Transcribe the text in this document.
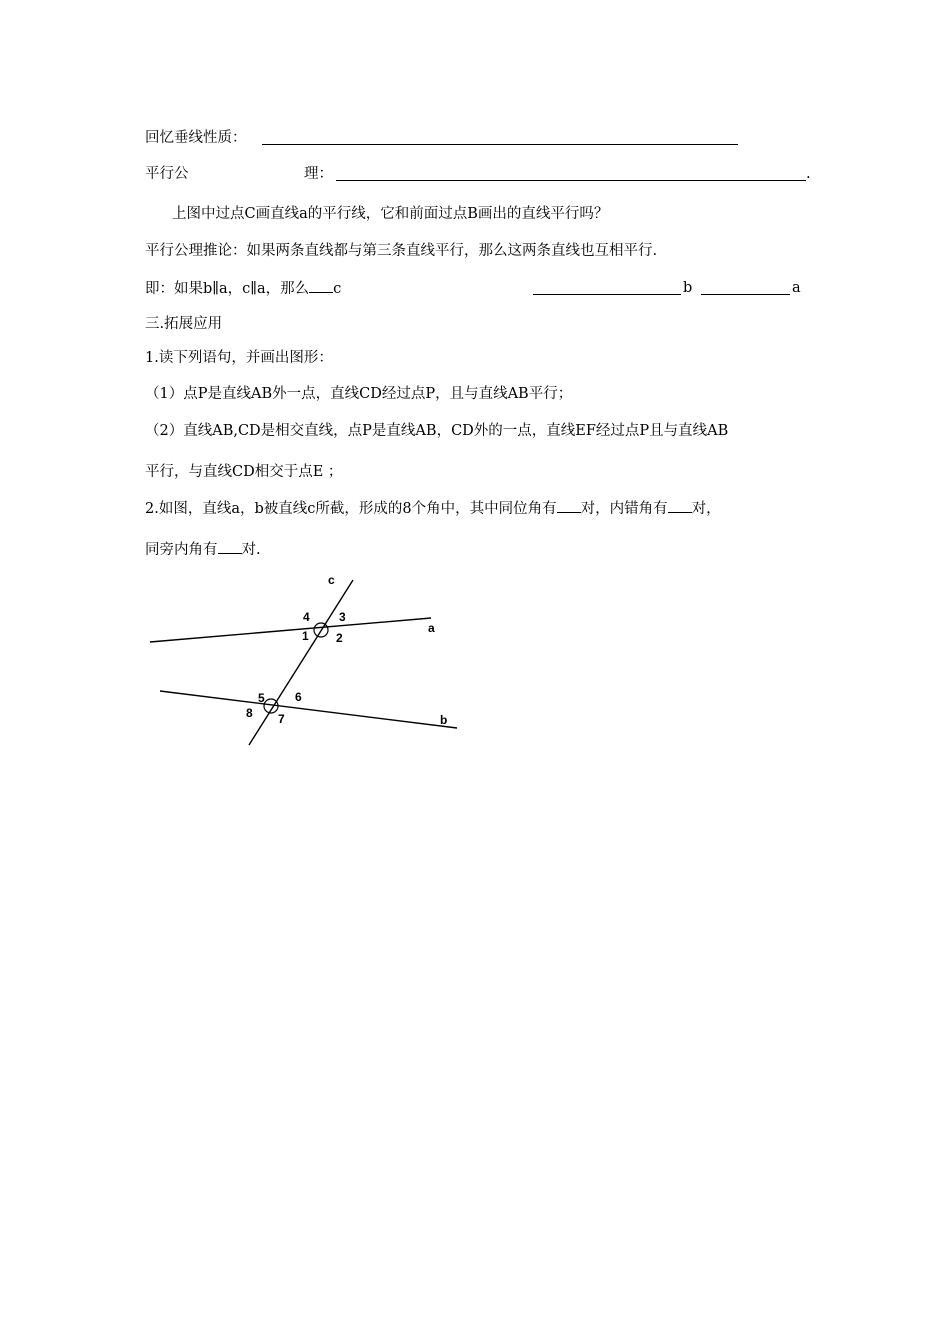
回忆垂线性质：
平行公	理：	.
上图中过点C画直线a的平行线，它和前面过点B画出的直线平行吗？
平行公理推论：如果两条直线都与第三条直线平行，那么这两条直线也互相平行.
即：如果b∥a，c∥a，那么 c	b	a
三.拓展应用
1.读下列语句，并画出图形：
（1）点P是直线AB外一点，直线CD经过点P，且与直线AB平行；
（2）直线AB,CD是相交直线，点P是直线AB，CD外的一点，直线EF经过点P且与直线AB
平行，与直线CD相交于点E ；
2.如图，直线a，b被直线c所截，形成的8个角中，其中同位角有 对，内错角有 对，
同旁内角有 对.
c
a
b
1 2
3
4
5	6
7
8
